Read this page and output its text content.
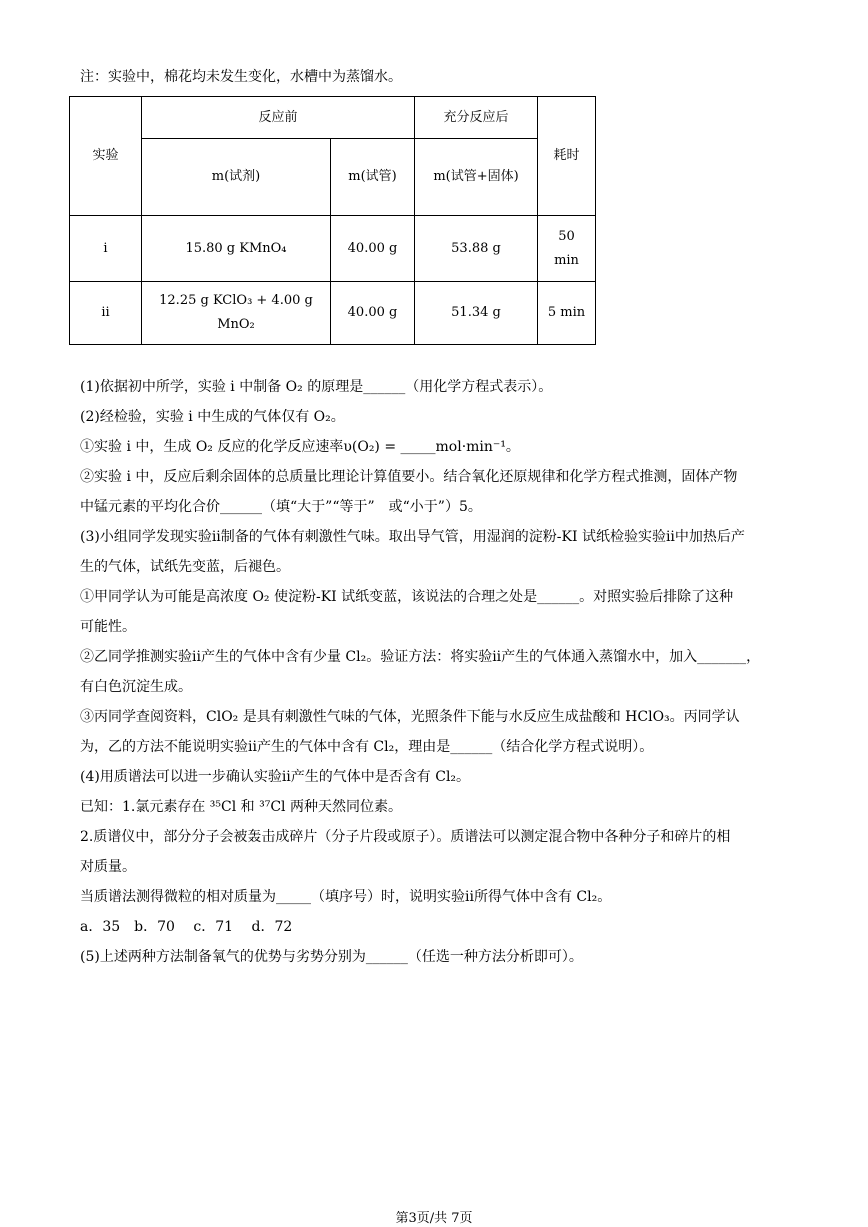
注：实验中，棉花均未发生变化，水槽中为蒸馏水。
实验	反应前		充分反应后	耗时
	m(试剂)	m(试管)	m(试管+固体)	
i	15.80 g KMnO₄	40.00 g	53.88 g	50 min
ii	12.25 g KClO₃ + 4.00 g MnO₂	40.00 g	51.34 g	5 min
(1)依据初中所学，实验 i 中制备 O₂ 的原理是______（用化学方程式表示）。
(2)经检验，实验 i 中生成的气体仅有 O₂。
①实验 i 中，生成 O₂ 反应的化学反应速率υ(O₂) = _____mol·min⁻¹。
②实验 i 中，反应后剩余固体的总质量比理论计算值要小。结合氧化还原规律和化学方程式推测，固体产物
中锰元素的平均化合价______（填“大于”“等于”　或“小于”）5。
(3)小组同学发现实验ii制备的气体有刺激性气味。取出导气管，用湿润的淀粉-KI 试纸检验实验ii中加热后产
生的气体，试纸先变蓝，后褪色。
①甲同学认为可能是高浓度 O₂ 使淀粉-KI 试纸变蓝，该说法的合理之处是______。对照实验后排除了这种
可能性。
②乙同学推测实验ii产生的气体中含有少量 Cl₂。验证方法：将实验ii产生的气体通入蒸馏水中，加入_______，
有白色沉淀生成。
③丙同学查阅资料，ClO₂ 是具有刺激性气味的气体，光照条件下能与水反应生成盐酸和 HClO₃。丙同学认
为，乙的方法不能说明实验ii产生的气体中含有 Cl₂，理由是______（结合化学方程式说明）。
(4)用质谱法可以进一步确认实验ii产生的气体中是否含有 Cl₂。
已知：1.氯元素存在 ³⁵Cl 和 ³⁷Cl 两种天然同位素。
2.质谱仪中，部分分子会被轰击成碎片（分子片段或原子）。质谱法可以测定混合物中各种分子和碎片的相
对质量。
当质谱法测得微粒的相对质量为_____（填序号）时，说明实验ii所得气体中含有 Cl₂。
a．35　b．70　 c．71　 d．72
(5)上述两种方法制备氧气的优势与劣势分别为______（任选一种方法分析即可）。
第3页/共 7页
